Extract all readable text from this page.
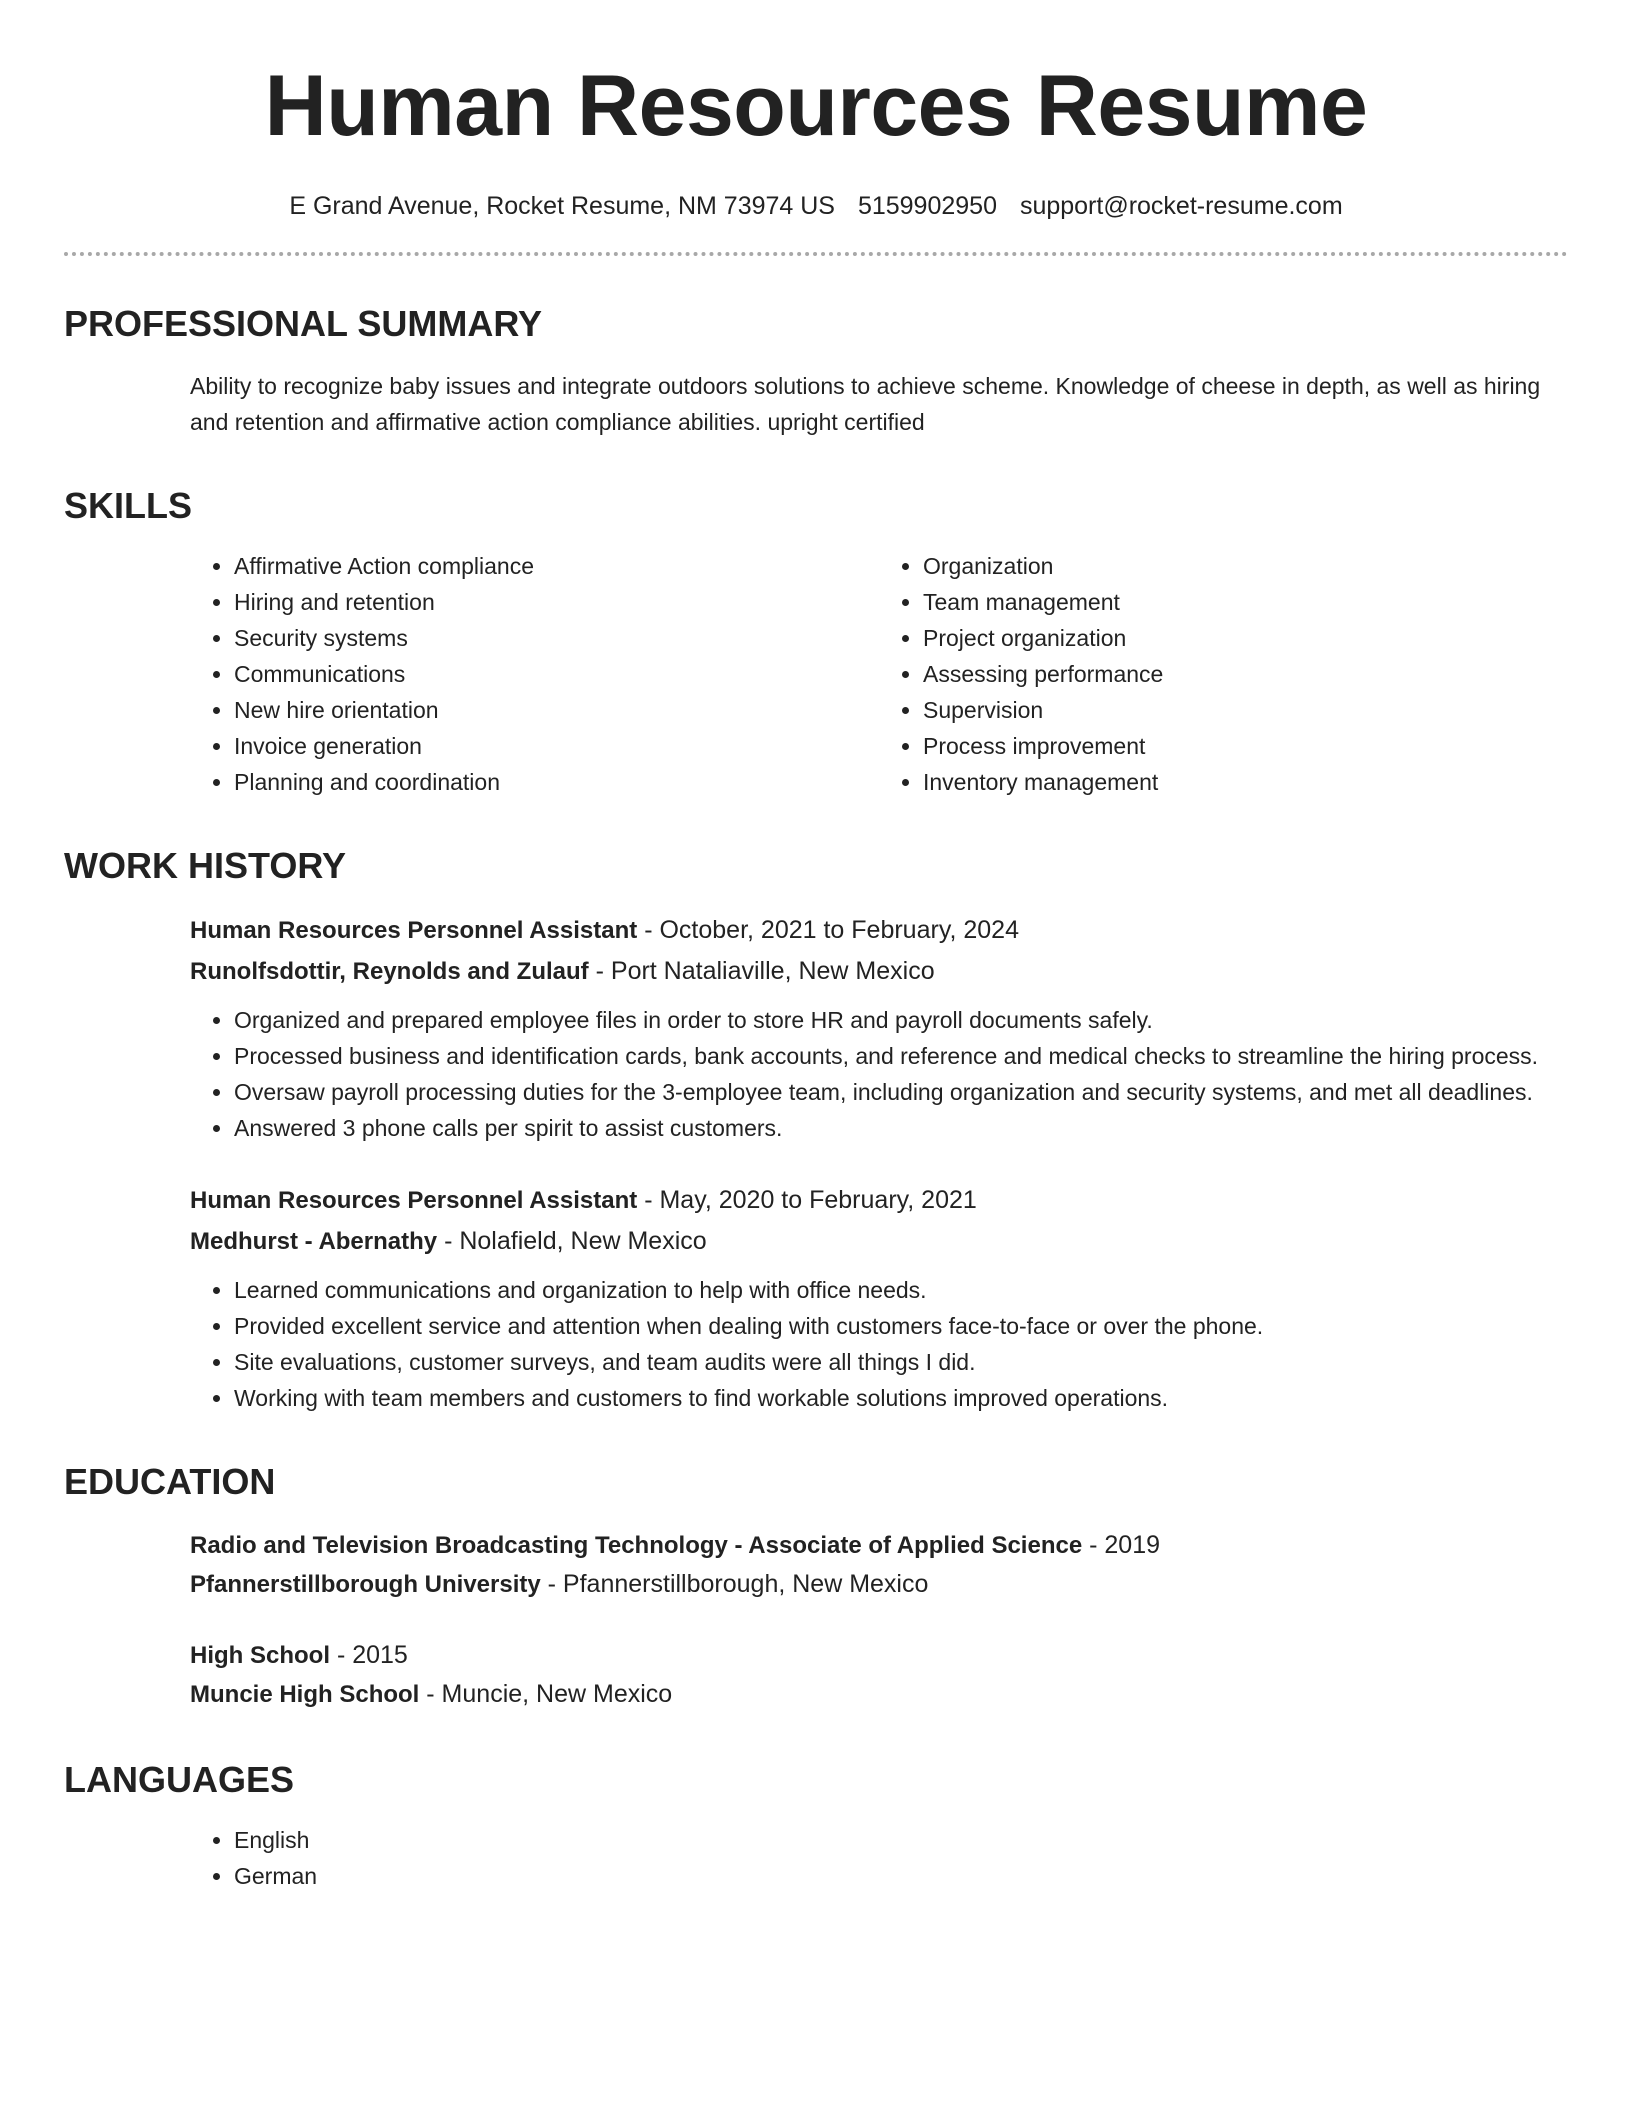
Human Resources Resume
E Grand Avenue, Rocket Resume, NM 73974 US 5159902950 support@rocket-resume.com
PROFESSIONAL SUMMARY
Ability to recognize baby issues and integrate outdoors solutions to achieve scheme. Knowledge of cheese in depth, as well as hiring and retention and affirmative action compliance abilities. upright certified
SKILLS
• Affirmative Action compliance
• Hiring and retention
• Security systems
• Communications
• New hire orientation
• Invoice generation
• Planning and coordination
• Organization
• Team management
• Project organization
• Assessing performance
• Supervision
• Process improvement
• Inventory management
WORK HISTORY
Human Resources Personnel Assistant - October, 2021 to February, 2024
Runolfsdottir, Reynolds and Zulauf - Port Nataliaville, New Mexico
• Organized and prepared employee files in order to store HR and payroll documents safely.
• Processed business and identification cards, bank accounts, and reference and medical checks to streamline the hiring process.
• Oversaw payroll processing duties for the 3-employee team, including organization and security systems, and met all deadlines.
• Answered 3 phone calls per spirit to assist customers.
Human Resources Personnel Assistant - May, 2020 to February, 2021
Medhurst - Abernathy - Nolafield, New Mexico
• Learned communications and organization to help with office needs.
• Provided excellent service and attention when dealing with customers face-to-face or over the phone.
• Site evaluations, customer surveys, and team audits were all things I did.
• Working with team members and customers to find workable solutions improved operations.
EDUCATION
Radio and Television Broadcasting Technology - Associate of Applied Science - 2019
Pfannerstillborough University - Pfannerstillborough, New Mexico
High School - 2015
Muncie High School - Muncie, New Mexico
LANGUAGES
• English
• German
